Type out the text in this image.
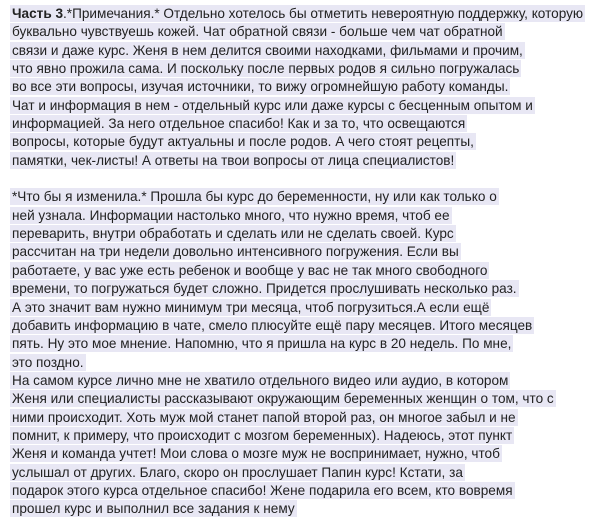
Часть 3.*Примечания.* Отдельно хотелось бы отметить невероятную поддержку, которую
буквально чувствуешь кожей. Чат обратной связи - больше чем чат обратной
связи и даже курс. Женя в нем делится своими находками, фильмами и прочим,
что явно прожила сама. И поскольку после первых родов я сильно погружалась
во все эти вопросы, изучая источники, то вижу огромнейшую работу команды.
Чат и информация в нем - отдельный курс или даже курсы с бесценным опытом и
информацией. За него отдельное спасибо! Как и за то, что освещаются
вопросы, которые будут актуальны и после родов. А чего стоят рецепты,
памятки, чек-листы! А ответы на твои вопросы от лица специалистов!
*Что бы я изменила.* Прошла бы курс до беременности, ну или как только о
ней узнала. Информации настолько много, что нужно время, чтоб ее
переварить, внутри обработать и сделать или не сделать своей. Курс
рассчитан на три недели довольно интенсивного погружения. Если вы
работаете, у вас уже есть ребенок и вообще у вас не так много свободного
времени, то погружаться будет сложно. Придется прослушивать несколько раз.
А это значит вам нужно минимум три месяца, чтоб погрузиться.А если ещё
добавить информацию в чате, смело плюсуйте ещё пару месяцев. Итого месяцев
пять. Ну это мое мнение. Напомню, что я пришла на курс в 20 недель. По мне,
это поздно.
На самом курсе лично мне не хватило отдельного видео или аудио, в котором
Женя или специалисты рассказывают окружающим беременных женщин о том, что с
ними происходит. Хоть муж мой станет папой второй раз, он многое забыл и не
помнит, к примеру, что происходит с мозгом беременных). Надеюсь, этот пункт
Женя и команда учтет! Мои слова о мозге муж не воспринимает, нужно, чтоб
услышал от других. Благо, скоро он прослушает Папин курс! Кстати, за
подарок этого курса отдельное спасибо! Жене подарила его всем, кто вовремя
прошел курс и выполнил все задания к нему
